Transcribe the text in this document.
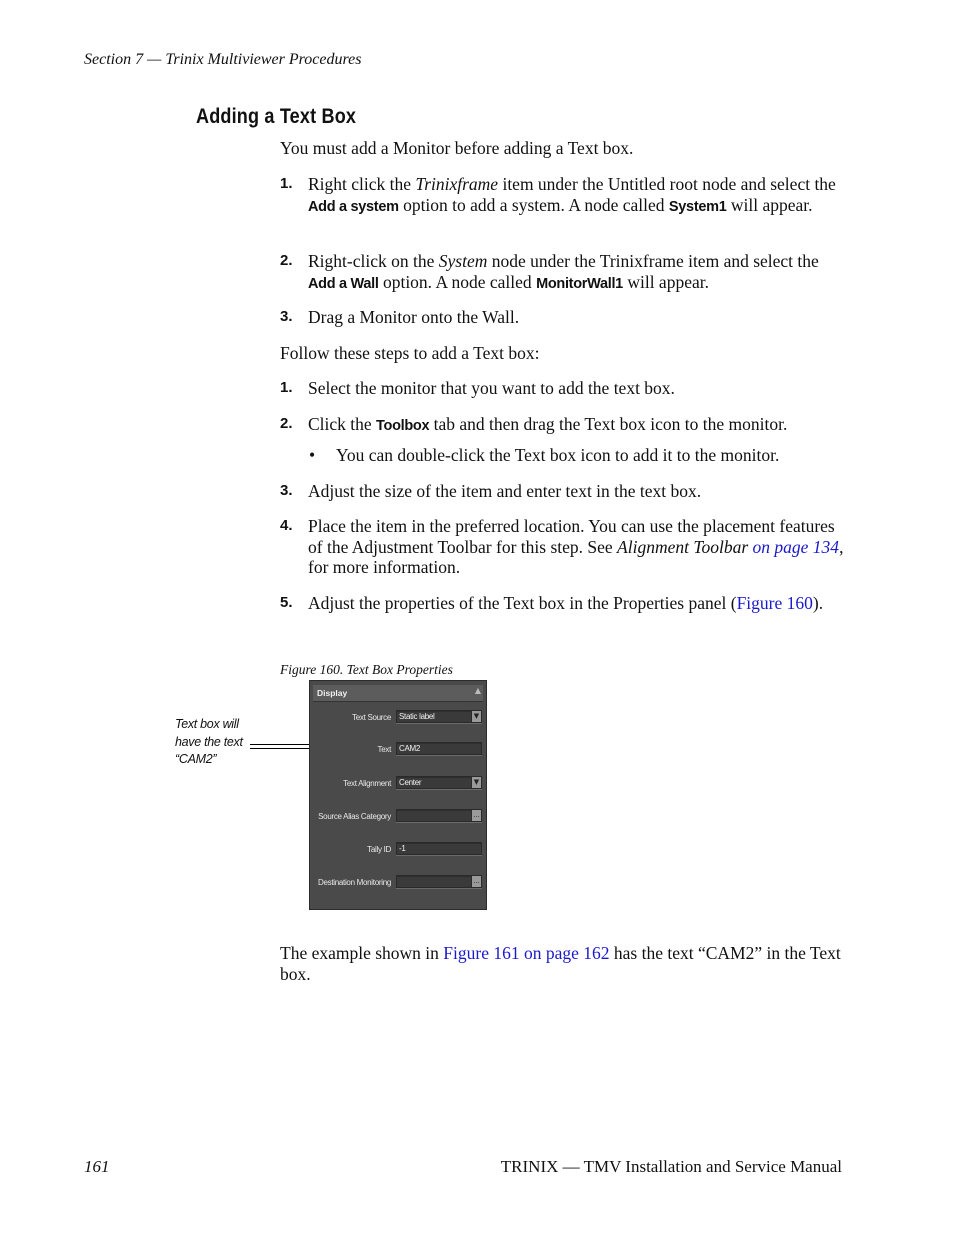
Section 7 — Trinix Multiviewer Procedures
Adding a Text Box
You must add a Monitor before adding a Text box.
1. Right click the Trinixframe item under the Untitled root node and select the Add a system option to add a system. A node called System1 will appear.
2. Right-click on the System node under the Trinixframe item and select the Add a Wall option. A node called MonitorWall1 will appear.
3. Drag a Monitor onto the Wall.
Follow these steps to add a Text box:
1. Select the monitor that you want to add the text box.
2. Click the Toolbox tab and then drag the Text box icon to the monitor.
• You can double-click the Text box icon to add it to the monitor.
3. Adjust the size of the item and enter text in the text box.
4. Place the item in the preferred location. You can use the placement features of the Adjustment Toolbar for this step. See Alignment Toolbar on page 134, for more information.
5. Adjust the properties of the Text box in the Properties panel (Figure 160).
Figure 160. Text Box Properties
Text box will
have the text
“CAM2”
Display	▲
Text Source Static label	▼
Text CAM2
Text Alignment Center	▼
Source Alias Category	...
Tally ID -1
Destination Monitoring	...
The example shown in Figure 161 on page 162 has the text “CAM2” in the Text box.
161	TRINIX — TMV Installation and Service Manual
